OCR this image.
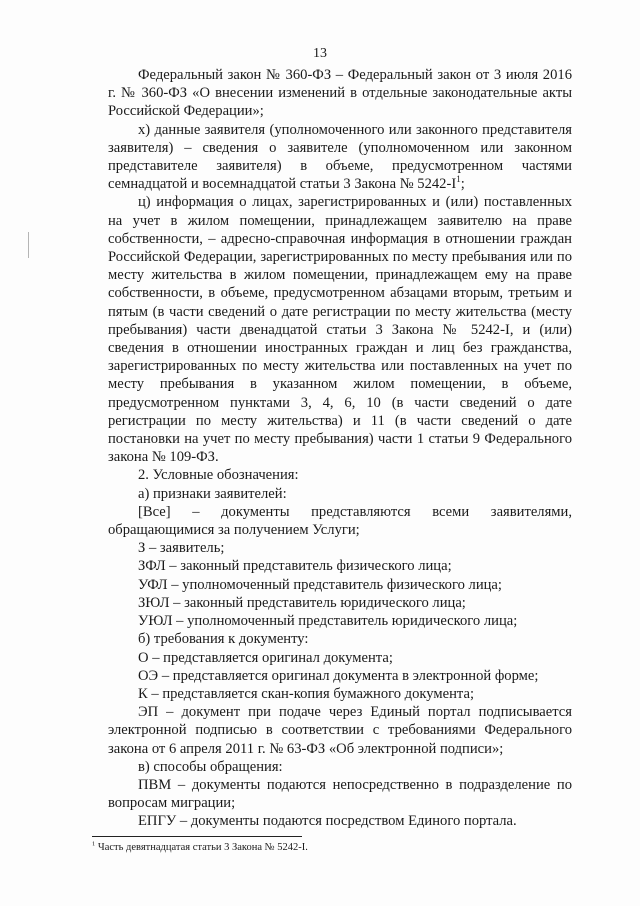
13

Федеральный закон № 360-ФЗ – Федеральный закон от 3 июля 2016 г. № 360-ФЗ «О внесении изменений в отдельные законодательные акты Российской Федерации»;

х) данные заявителя (уполномоченного или законного представителя заявителя) – сведения о заявителе (уполномоченном или законном представителе заявителя) в объеме, предусмотренном частями семнадцатой и восемнадцатой статьи 3 Закона № $5242-I^1$;

ц) информация о лицах, зарегистрированных и (или) поставленных на учет в жилом помещении, принадлежащем заявителю на праве собственности, – адресно-справочная информация в отношении граждан Российской Федерации, зарегистрированных по месту пребывания или по месту жительства в жилом помещении, принадлежащем ему на праве собственности, в объеме, предусмотренном абзацами вторым, третьим и пятым (в части сведений о дате регистрации по месту жительства (месту пребывания) части двенадцатой статьи 3 Закона № 5242-I, и (или) сведения в отношении иностранных граждан и лиц без гражданства, зарегистрированных по месту жительства или поставленных на учет по месту пребывания в указанном жилом помещении, в объеме, предусмотренном пунктами 3, 4, 6, 10 (в части сведений о дате регистрации по месту жительства) и 11 (в части сведений о дате постановки на учет по месту пребывания) части 1 статьи 9 Федерального закона № 109-ФЗ.

2. Условные обозначения:

а) признаки заявителей:

[Все] – документы представляются всеми заявителями, обращающимися за получением Услуги;

З – заявитель;

ЗФЛ – законный представитель физического лица;

УФЛ – уполномоченный представитель физического лица;

ЗЮЛ – законный представитель юридического лица;

УЮЛ – уполномоченный представитель юридического лица;

б) требования к документу:

О – представляется оригинал документа;

ОЭ – представляется оригинал документа в электронной форме;

К – представляется скан-копия бумажного документа;

ЭП – документ при подаче через Единый портал подписывается электронной подписью в соответствии с требованиями Федерального закона от 6 апреля 2011 г. № 63-ФЗ «Об электронной подписи»;

в) способы обращения:

ПВМ – документы подаются непосредственно в подразделение по вопросам миграции;

ЕПГУ – документы подаются посредством Единого портала.

$^1$ Часть девятнадцатая статьи 3 Закона № 5242-I.
